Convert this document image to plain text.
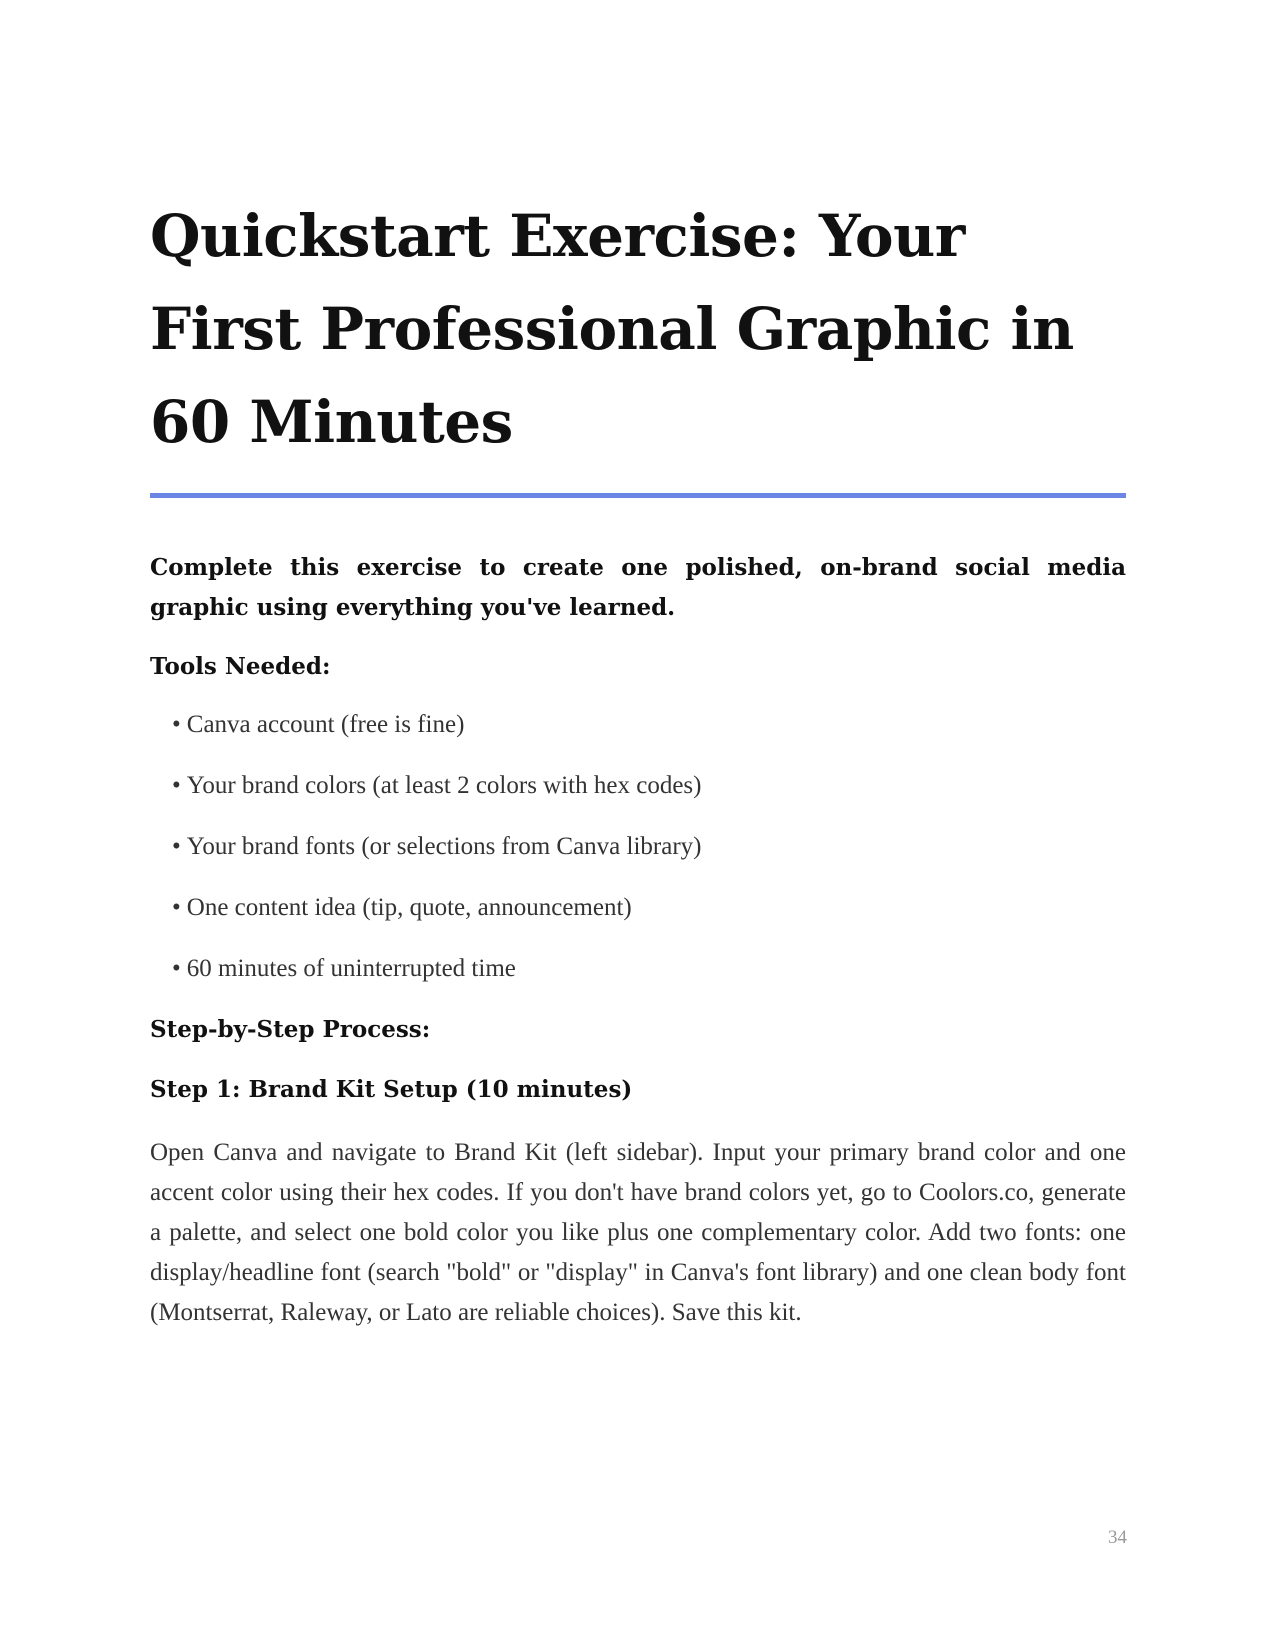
Quickstart Exercise: Your First Professional Graphic in 60 Minutes

Complete this exercise to create one polished, on-brand social media graphic using everything you've learned.

Tools Needed:

• Canva account (free is fine)
• Your brand colors (at least 2 colors with hex codes)
• Your brand fonts (or selections from Canva library)
• One content idea (tip, quote, announcement)
• 60 minutes of uninterrupted time

Step-by-Step Process:

Step 1: Brand Kit Setup (10 minutes)

Open Canva and navigate to Brand Kit (left sidebar). Input your primary brand color and one accent color using their hex codes. If you don't have brand colors yet, go to Coolors.co, generate a palette, and select one bold color you like plus one complementary color. Add two fonts: one display/headline font (search "bold" or "display" in Canva's font library) and one clean body font (Montserrat, Raleway, or Lato are reliable choices). Save this kit.

34
